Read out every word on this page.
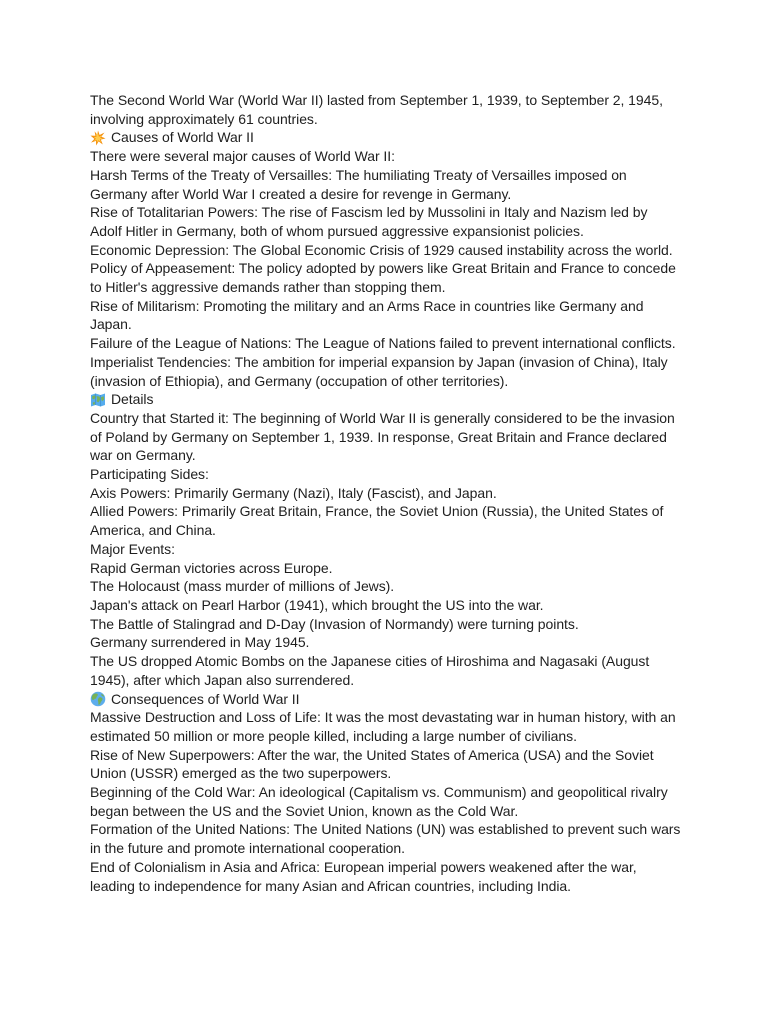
The Second World War (World War II) lasted from September 1, 1939, to September 2, 1945, involving approximately 61 countries.

Causes of World War II

There were several major causes of World War II:

Harsh Terms of the Treaty of Versailles: The humiliating Treaty of Versailles imposed on Germany after World War I created a desire for revenge in Germany.

Rise of Totalitarian Powers: The rise of Fascism led by Mussolini in Italy and Nazism led by Adolf Hitler in Germany, both of whom pursued aggressive expansionist policies.

Economic Depression: The Global Economic Crisis of 1929 caused instability across the world.

Policy of Appeasement: The policy adopted by powers like Great Britain and France to concede to Hitler's aggressive demands rather than stopping them.

Rise of Militarism: Promoting the military and an Arms Race in countries like Germany and Japan.

Failure of the League of Nations: The League of Nations failed to prevent international conflicts.

Imperialist Tendencies: The ambition for imperial expansion by Japan (invasion of China), Italy (invasion of Ethiopia), and Germany (occupation of other territories).

Details

Country that Started it: The beginning of World War II is generally considered to be the invasion of Poland by Germany on September 1, 1939. In response, Great Britain and France declared war on Germany.

Participating Sides:

Axis Powers: Primarily Germany (Nazi), Italy (Fascist), and Japan.

Allied Powers: Primarily Great Britain, France, the Soviet Union (Russia), the United States of America, and China.

Major Events:

Rapid German victories across Europe.

The Holocaust (mass murder of millions of Jews).

Japan's attack on Pearl Harbor (1941), which brought the US into the war.

The Battle of Stalingrad and D-Day (Invasion of Normandy) were turning points.

Germany surrendered in May 1945.

The US dropped Atomic Bombs on the Japanese cities of Hiroshima and Nagasaki (August 1945), after which Japan also surrendered.

Consequences of World War II

Massive Destruction and Loss of Life: It was the most devastating war in human history, with an estimated 50 million or more people killed, including a large number of civilians.

Rise of New Superpowers: After the war, the United States of America (USA) and the Soviet Union (USSR) emerged as the two superpowers.

Beginning of the Cold War: An ideological (Capitalism vs. Communism) and geopolitical rivalry began between the US and the Soviet Union, known as the Cold War.

Formation of the United Nations: The United Nations (UN) was established to prevent such wars in the future and promote international cooperation.

End of Colonialism in Asia and Africa: European imperial powers weakened after the war, leading to independence for many Asian and African countries, including India.
